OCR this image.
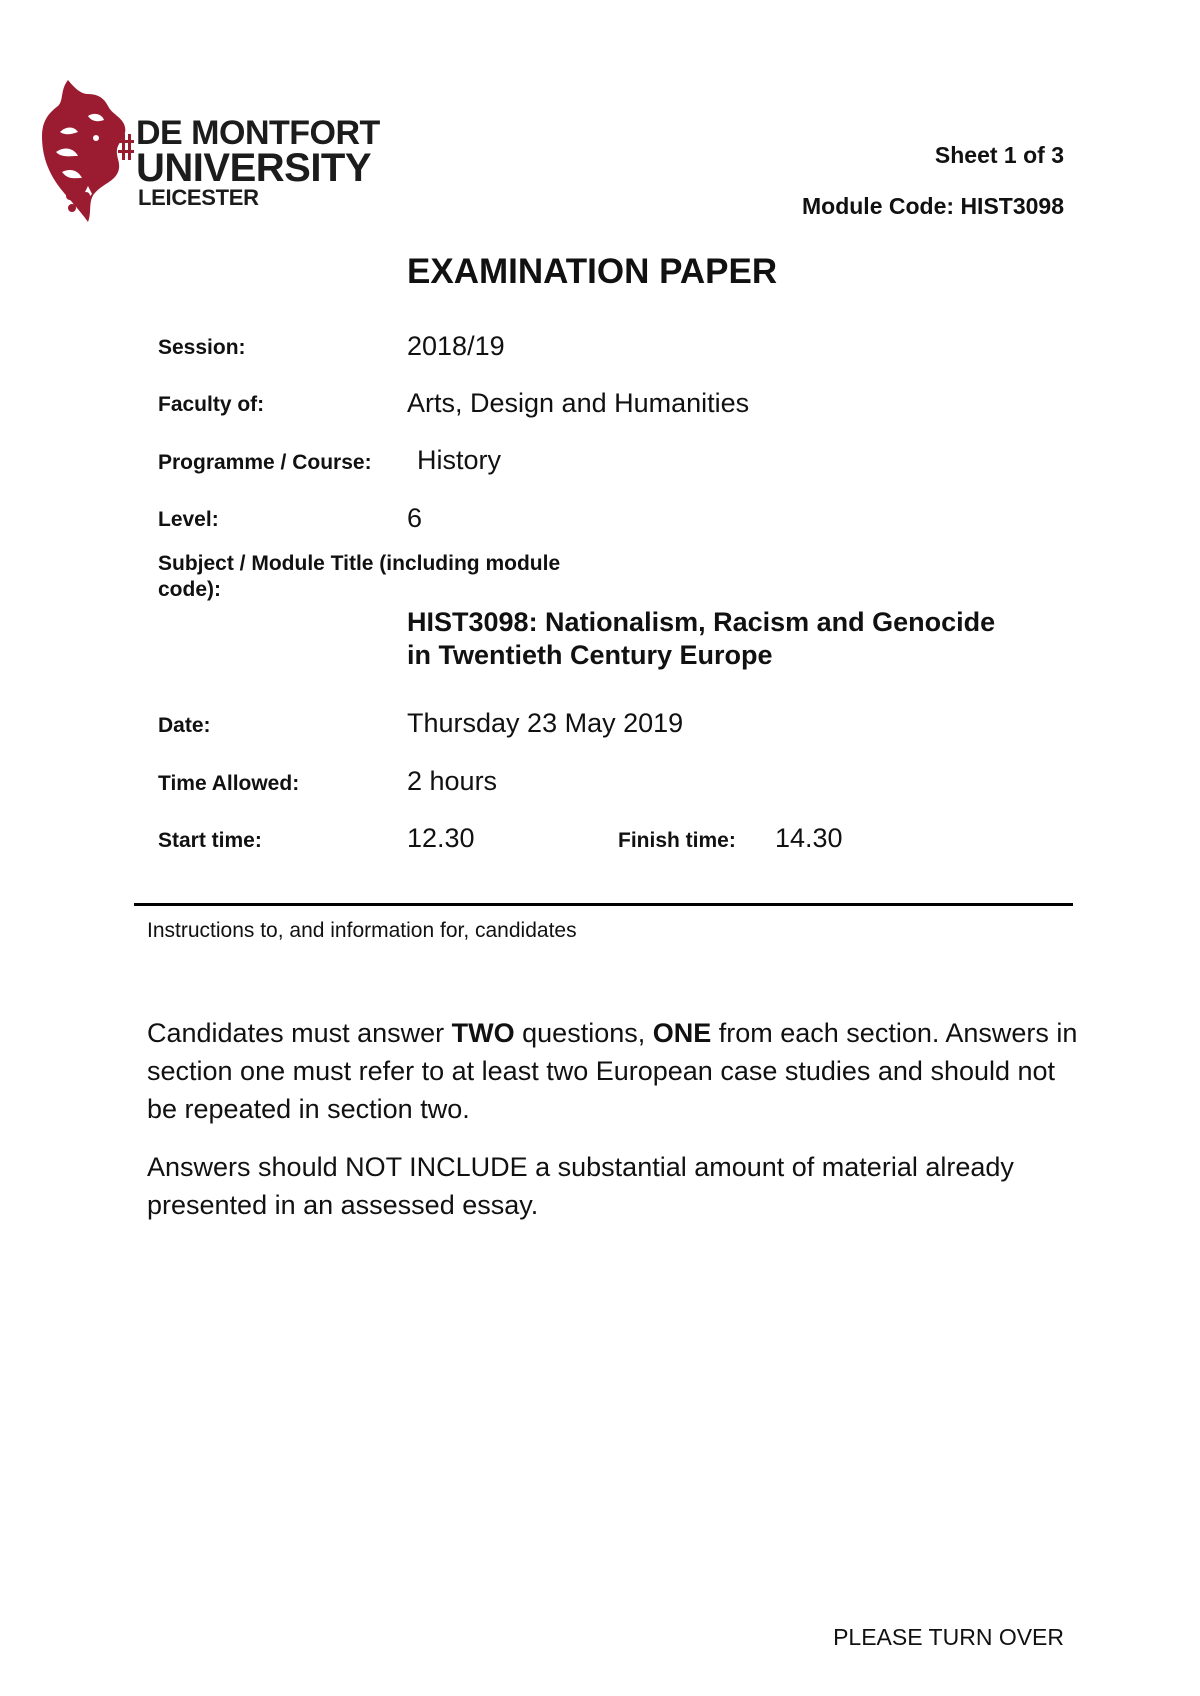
DE MONTFORT
UNIVERSITY
LEICESTER
Sheet 1 of 3
Module Code: HIST3098
EXAMINATION PAPER
Session:	2018/19
Faculty of:	Arts, Design and Humanities
Programme / Course: History
Level:	6
Subject / Module Title (including module
code):
HIST3098: Nationalism, Racism and Genocide
in Twentieth Century Europe
Date:	Thursday 23 May 2019
Time Allowed:	2 hours
Start time:	12.30	Finish time: 14.30
Instructions to, and information for, candidates
Candidates must answer TWO questions, ONE from each section. Answers in section one must refer to at least two European case studies and should not be repeated in section two.
Answers should NOT INCLUDE a substantial amount of material already presented in an assessed essay.
PLEASE TURN OVER
